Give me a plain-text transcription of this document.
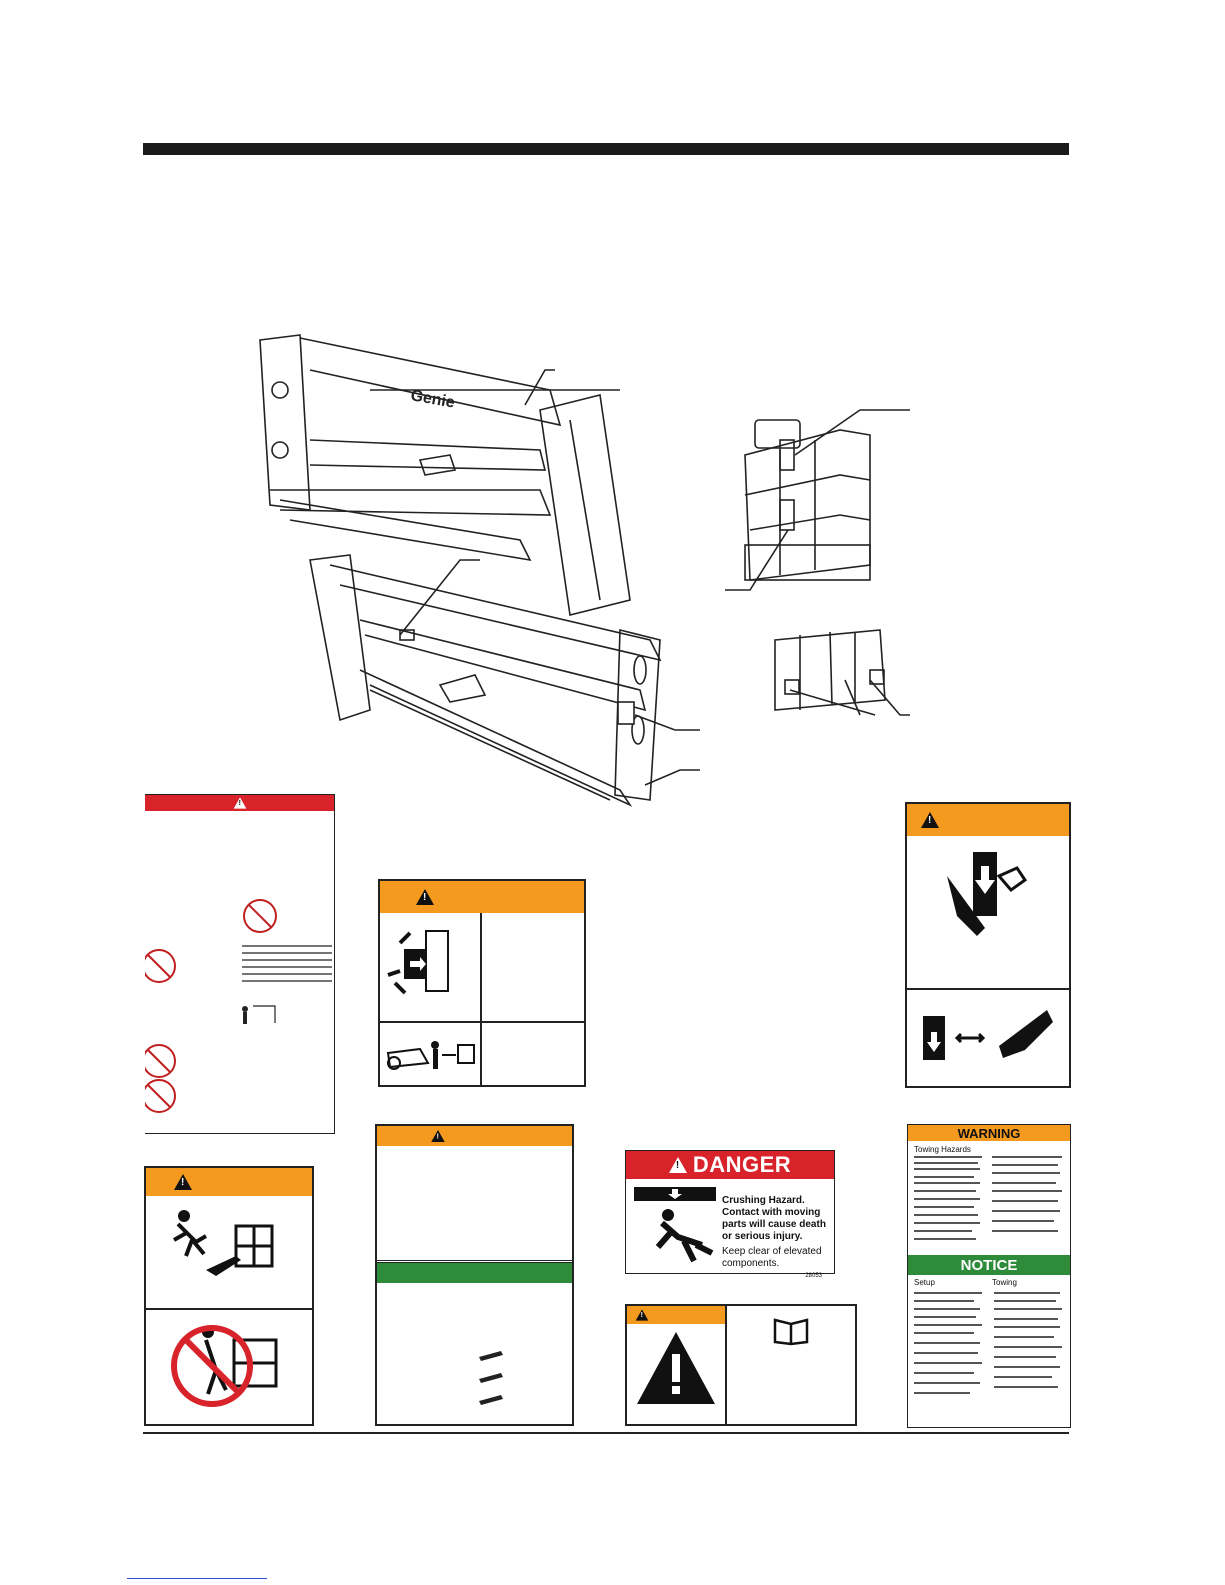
Genie
!
!
!
!
!
!
DANGER
Crushing Hazard.
Contact with moving
parts will cause death
or serious injury.
Keep clear of elevated
components.
28053
!
WARNING
Towing Hazards
NOTICE
Setup	Towing
